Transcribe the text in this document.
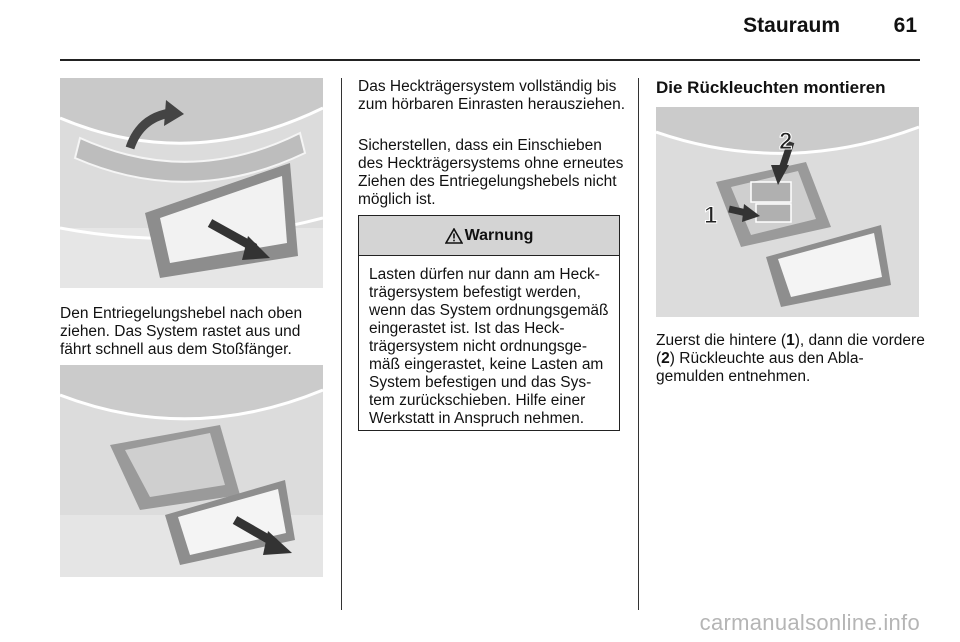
Stauraum	61

Den Entriegelungshebel nach oben ziehen. Das System rastet aus und fährt schnell aus dem Stoßfänger.

Das Heckträgersystem vollständig bis zum hörbaren Einrasten herausziehen.

Sicherstellen, dass ein Einschieben des Heckträgersystems ohne erneutes Ziehen des Entriegelungshebels nicht möglich ist.

Warnung
Lasten dürfen nur dann am Heckträgersystem befestigt werden, wenn das System ordnungsgemäß eingerastet ist. Ist das Heckträgersystem nicht ordnungsgemäß eingerastet, keine Lasten am System befestigen und das System zurückschieben. Hilfe einer Werkstatt in Anspruch nehmen.
Die Rückleuchten montieren
2
1

Zuerst die hintere (1), dann die vordere (2) Rückleuchte aus den Ablagemulden entnehmen.

carmanualsonline.info
